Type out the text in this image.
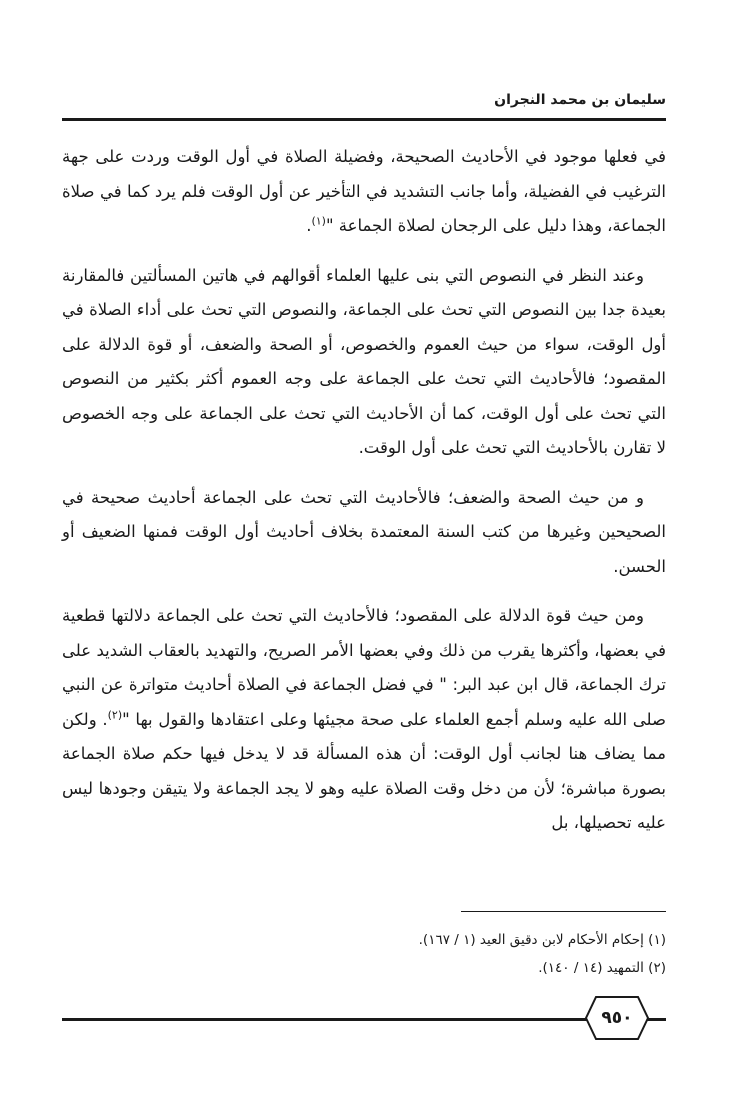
سليمان بن محمد النجران

في فعلها موجود في الأحاديث الصحيحة، وفضيلة الصلاة في أول الوقت وردت على جهة الترغيب في الفضيلة، وأما جانب التشديد في التأخير عن أول الوقت فلم يرد كما في صلاة الجماعة، وهذا دليل على الرجحان لصلاة الجماعة "$^{(١)}$.

وعند النظر في النصوص التي بنى عليها العلماء أقوالهم في هاتين المسألتين فالمقارنة بعيدة جدا بين النصوص التي تحث على الجماعة، والنصوص التي تحث على أداء الصلاة في أول الوقت، سواء من حيث العموم والخصوص، أو الصحة والضعف، أو قوة الدلالة على المقصود؛ فالأحاديث التي تحث على الجماعة على وجه العموم أكثر بكثير من النصوص التي تحث على أول الوقت، كما أن الأحاديث التي تحث على الجماعة على وجه الخصوص لا تقارن بالأحاديث التي تحث على أول الوقت.

و من حيث الصحة والضعف؛ فالأحاديث التي تحث على الجماعة أحاديث صحيحة في الصحيحين وغيرها من كتب السنة المعتمدة بخلاف أحاديث أول الوقت فمنها الضعيف أو الحسن.

ومن حيث قوة الدلالة على المقصود؛ فالأحاديث التي تحث على الجماعة دلالتها قطعية في بعضها، وأكثرها يقرب من ذلك وفي بعضها الأمر الصريح، والتهديد بالعقاب الشديد على ترك الجماعة، قال ابن عبد البر: " في فضل الجماعة في الصلاة أحاديث متواترة عن النبي صلى الله عليه وسلم أجمع العلماء على صحة مجيئها وعلى اعتقادها والقول بها "$^{(٢)}$. ولكن مما يضاف هنا لجانب أول الوقت: أن هذه المسألة قد لا يدخل فيها حكم صلاة الجماعة بصورة مباشرة؛ لأن من دخل وقت الصلاة عليه وهو لا يجد الجماعة ولا يتيقن وجودها ليس عليه تحصيلها، بل

(١) إحكام الأحكام لابن دقيق العيد (١ / ١٦٧).

(٢) التمهيد (١٤ / ١٤٠).

٩٥٠
